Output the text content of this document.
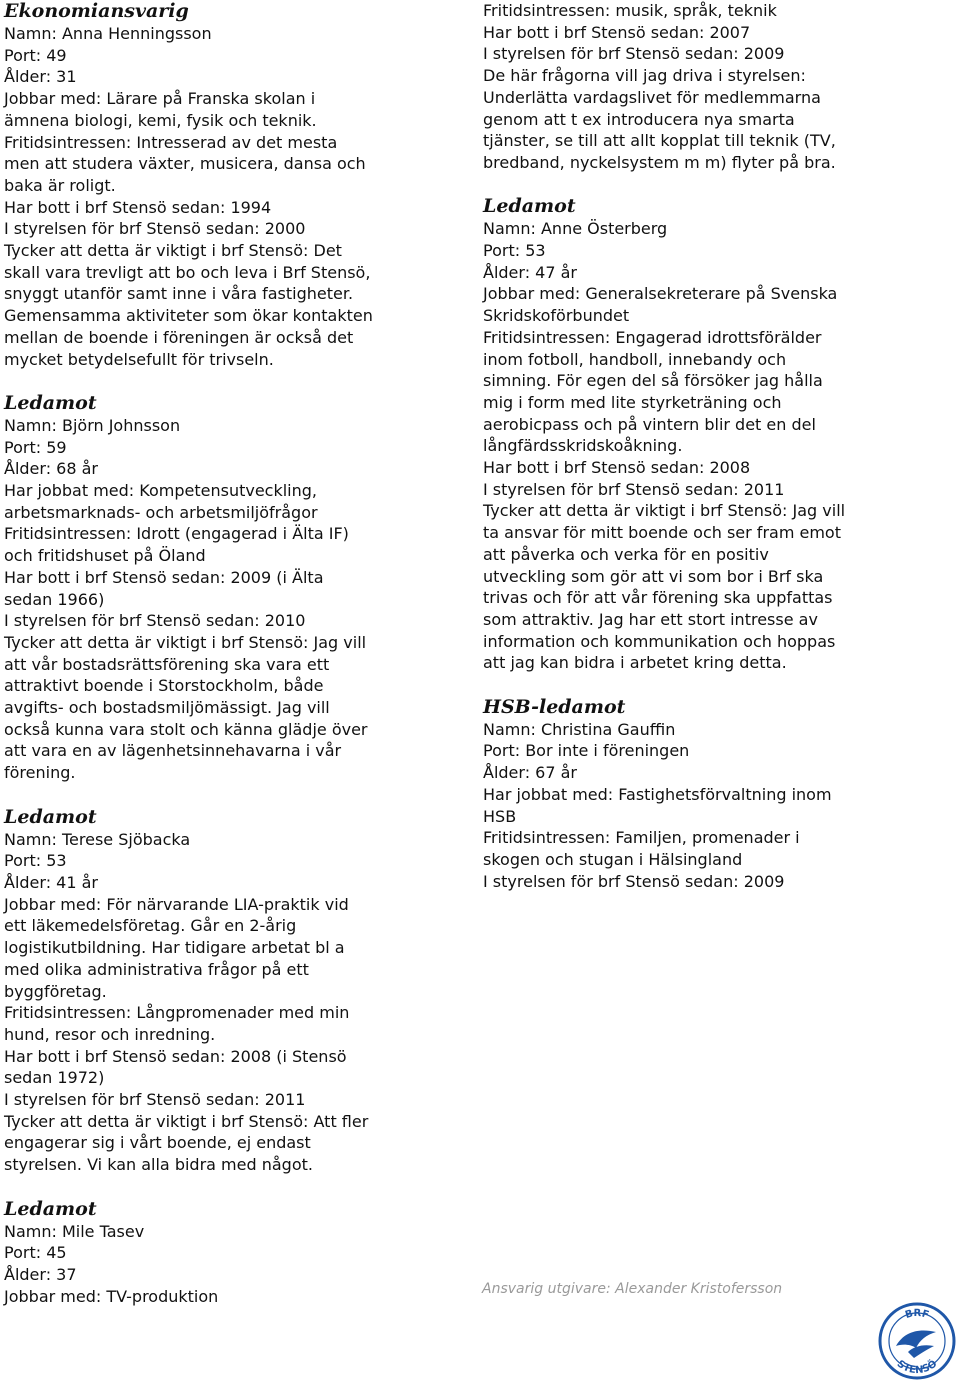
Ekonomiansvarig
Namn: Anna Henningsson
Port: 49
Ålder: 31
Jobbar med: Lärare på Franska skolan i
ämnena biologi, kemi, fysik och teknik.
Fritidsintressen: Intresserad av det mesta
men att studera växter, musicera, dansa och
baka är roligt.
Har bott i brf Stensö sedan: 1994
I styrelsen för brf Stensö sedan: 2000
Tycker att detta är viktigt i brf Stensö: Det
skall vara trevligt att bo och leva i Brf Stensö,
snyggt utanför samt inne i våra fastigheter.
Gemensamma aktiviteter som ökar kontakten
mellan de boende i föreningen är också det
mycket betydelsefullt för trivseln.
Ledamot
Namn: Björn Johnsson
Port: 59
Ålder: 68 år
Har jobbat med: Kompetensutveckling,
arbetsmarknads- och arbetsmiljöfrågor
Fritidsintressen: Idrott (engagerad i Älta IF)
och fritidshuset på Öland
Har bott i brf Stensö sedan: 2009 (i Älta
sedan 1966)
I styrelsen för brf Stensö sedan: 2010
Tycker att detta är viktigt i brf Stensö: Jag vill
att vår bostadsrättsförening ska vara ett
attraktivt boende i Storstockholm, både
avgifts- och bostadsmiljömässigt. Jag vill
också kunna vara stolt och känna glädje över
att vara en av lägenhetsinnehavarna i vår
förening.
Ledamot
Namn: Terese Sjöbacka
Port: 53
Ålder: 41 år
Jobbar med: För närvarande LIA-praktik vid
ett läkemedelsföretag. Går en 2-årig
logistikutbildning. Har tidigare arbetat bl a
med olika administrativa frågor på ett
byggföretag.
Fritidsintressen: Långpromenader med min
hund, resor och inredning.
Har bott i brf Stensö sedan: 2008 (i Stensö
sedan 1972)
I styrelsen för brf Stensö sedan: 2011
Tycker att detta är viktigt i brf Stensö: Att fler
engagerar sig i vårt boende, ej endast
styrelsen. Vi kan alla bidra med något.
Ledamot
Namn: Mile Tasev
Port: 45
Ålder: 37
Jobbar med: TV-produktion
Fritidsintressen: musik, språk, teknik
Har bott i brf Stensö sedan: 2007
I styrelsen för brf Stensö sedan: 2009
De här frågorna vill jag driva i styrelsen:
Underlätta vardagslivet för medlemmarna
genom att t ex introducera nya smarta
tjänster, se till att allt kopplat till teknik (TV,
bredband, nyckelsystem m m) flyter på bra.
Ledamot
Namn: Anne Österberg
Port: 53
Ålder: 47 år
Jobbar med: Generalsekreterare på Svenska
Skridskoförbundet
Fritidsintressen: Engagerad idrottsförälder
inom fotboll, handboll, innebandy och
simning. För egen del så försöker jag hålla
mig i form med lite styrketräning och
aerobicpass och på vintern blir det en del
långfärdsskridskoåkning.
Har bott i brf Stensö sedan: 2008
I styrelsen för brf Stensö sedan: 2011
Tycker att detta är viktigt i brf Stensö: Jag vill
ta ansvar för mitt boende och ser fram emot
att påverka och verka för en positiv
utveckling som gör att vi som bor i Brf ska
trivas och för att vår förening ska uppfattas
som attraktiv. Jag har ett stort intresse av
information och kommunikation och hoppas
att jag kan bidra i arbetet kring detta.
HSB-ledamot
Namn: Christina Gauffin
Port: Bor inte i föreningen
Ålder: 67 år
Har jobbat med: Fastighetsförvaltning inom
HSB
Fritidsintressen: Familjen, promenader i
skogen och stugan i Hälsingland
I styrelsen för brf Stensö sedan: 2009
Ansvarig utgivare: Alexander Kristofersson
BRF
STENSÖ
